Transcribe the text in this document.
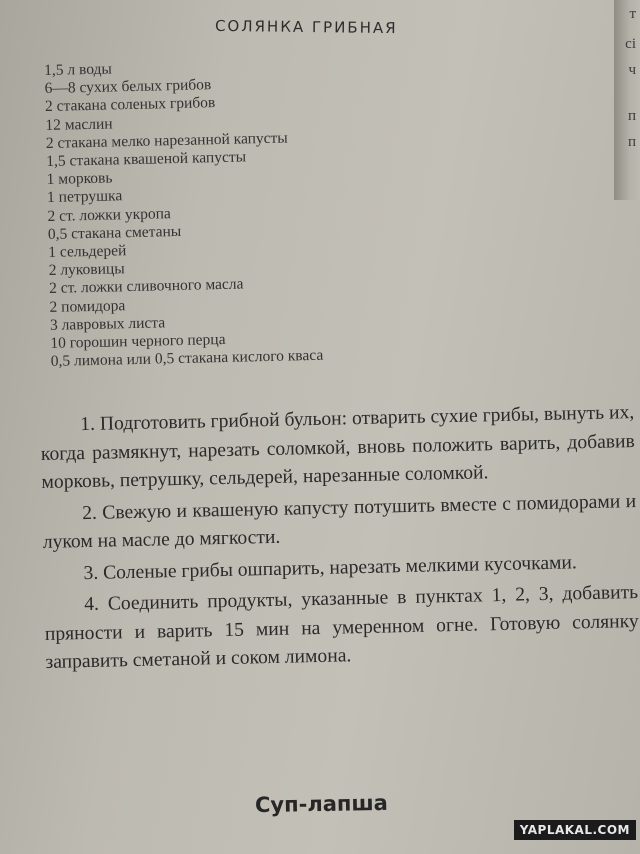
т
сі
ч
п
п
СОЛЯНКА ГРИБНАЯ
1,5 л воды
6—8 сухих белых грибов
2 стакана соленых грибов
12 маслин
2 стакана мелко нарезанной капусты
1,5 стакана квашеной капусты
1 морковь
1 петрушка
2 ст. ложки укропа
0,5 стакана сметаны
1 сельдерей
2 луковицы
2 ст. ложки сливочного масла
2 помидора
3 лавровых листа
10 горошин черного перца
0,5 лимона или 0,5 стакана кислого кваса

1. Подготовить грибной бульон: отварить сухие грибы, вынуть их, когда размякнут, нарезать соломкой, вновь положить варить, добавив морковь, петрушку, сельдерей, нарезанные соломкой.

2. Свежую и квашеную капусту потушить вместе с помидорами и луком на масле до мягкости.

3. Соленые грибы ошпарить, нарезать мелкими кусочками.

4. Соединить продукты, указанные в пунктах 1, 2, 3, добавить пряности и варить 15 мин на умеренном огне. Готовую солянку заправить сметаной и соком лимона.

Суп-лапша
YAPLAKAL.COM
